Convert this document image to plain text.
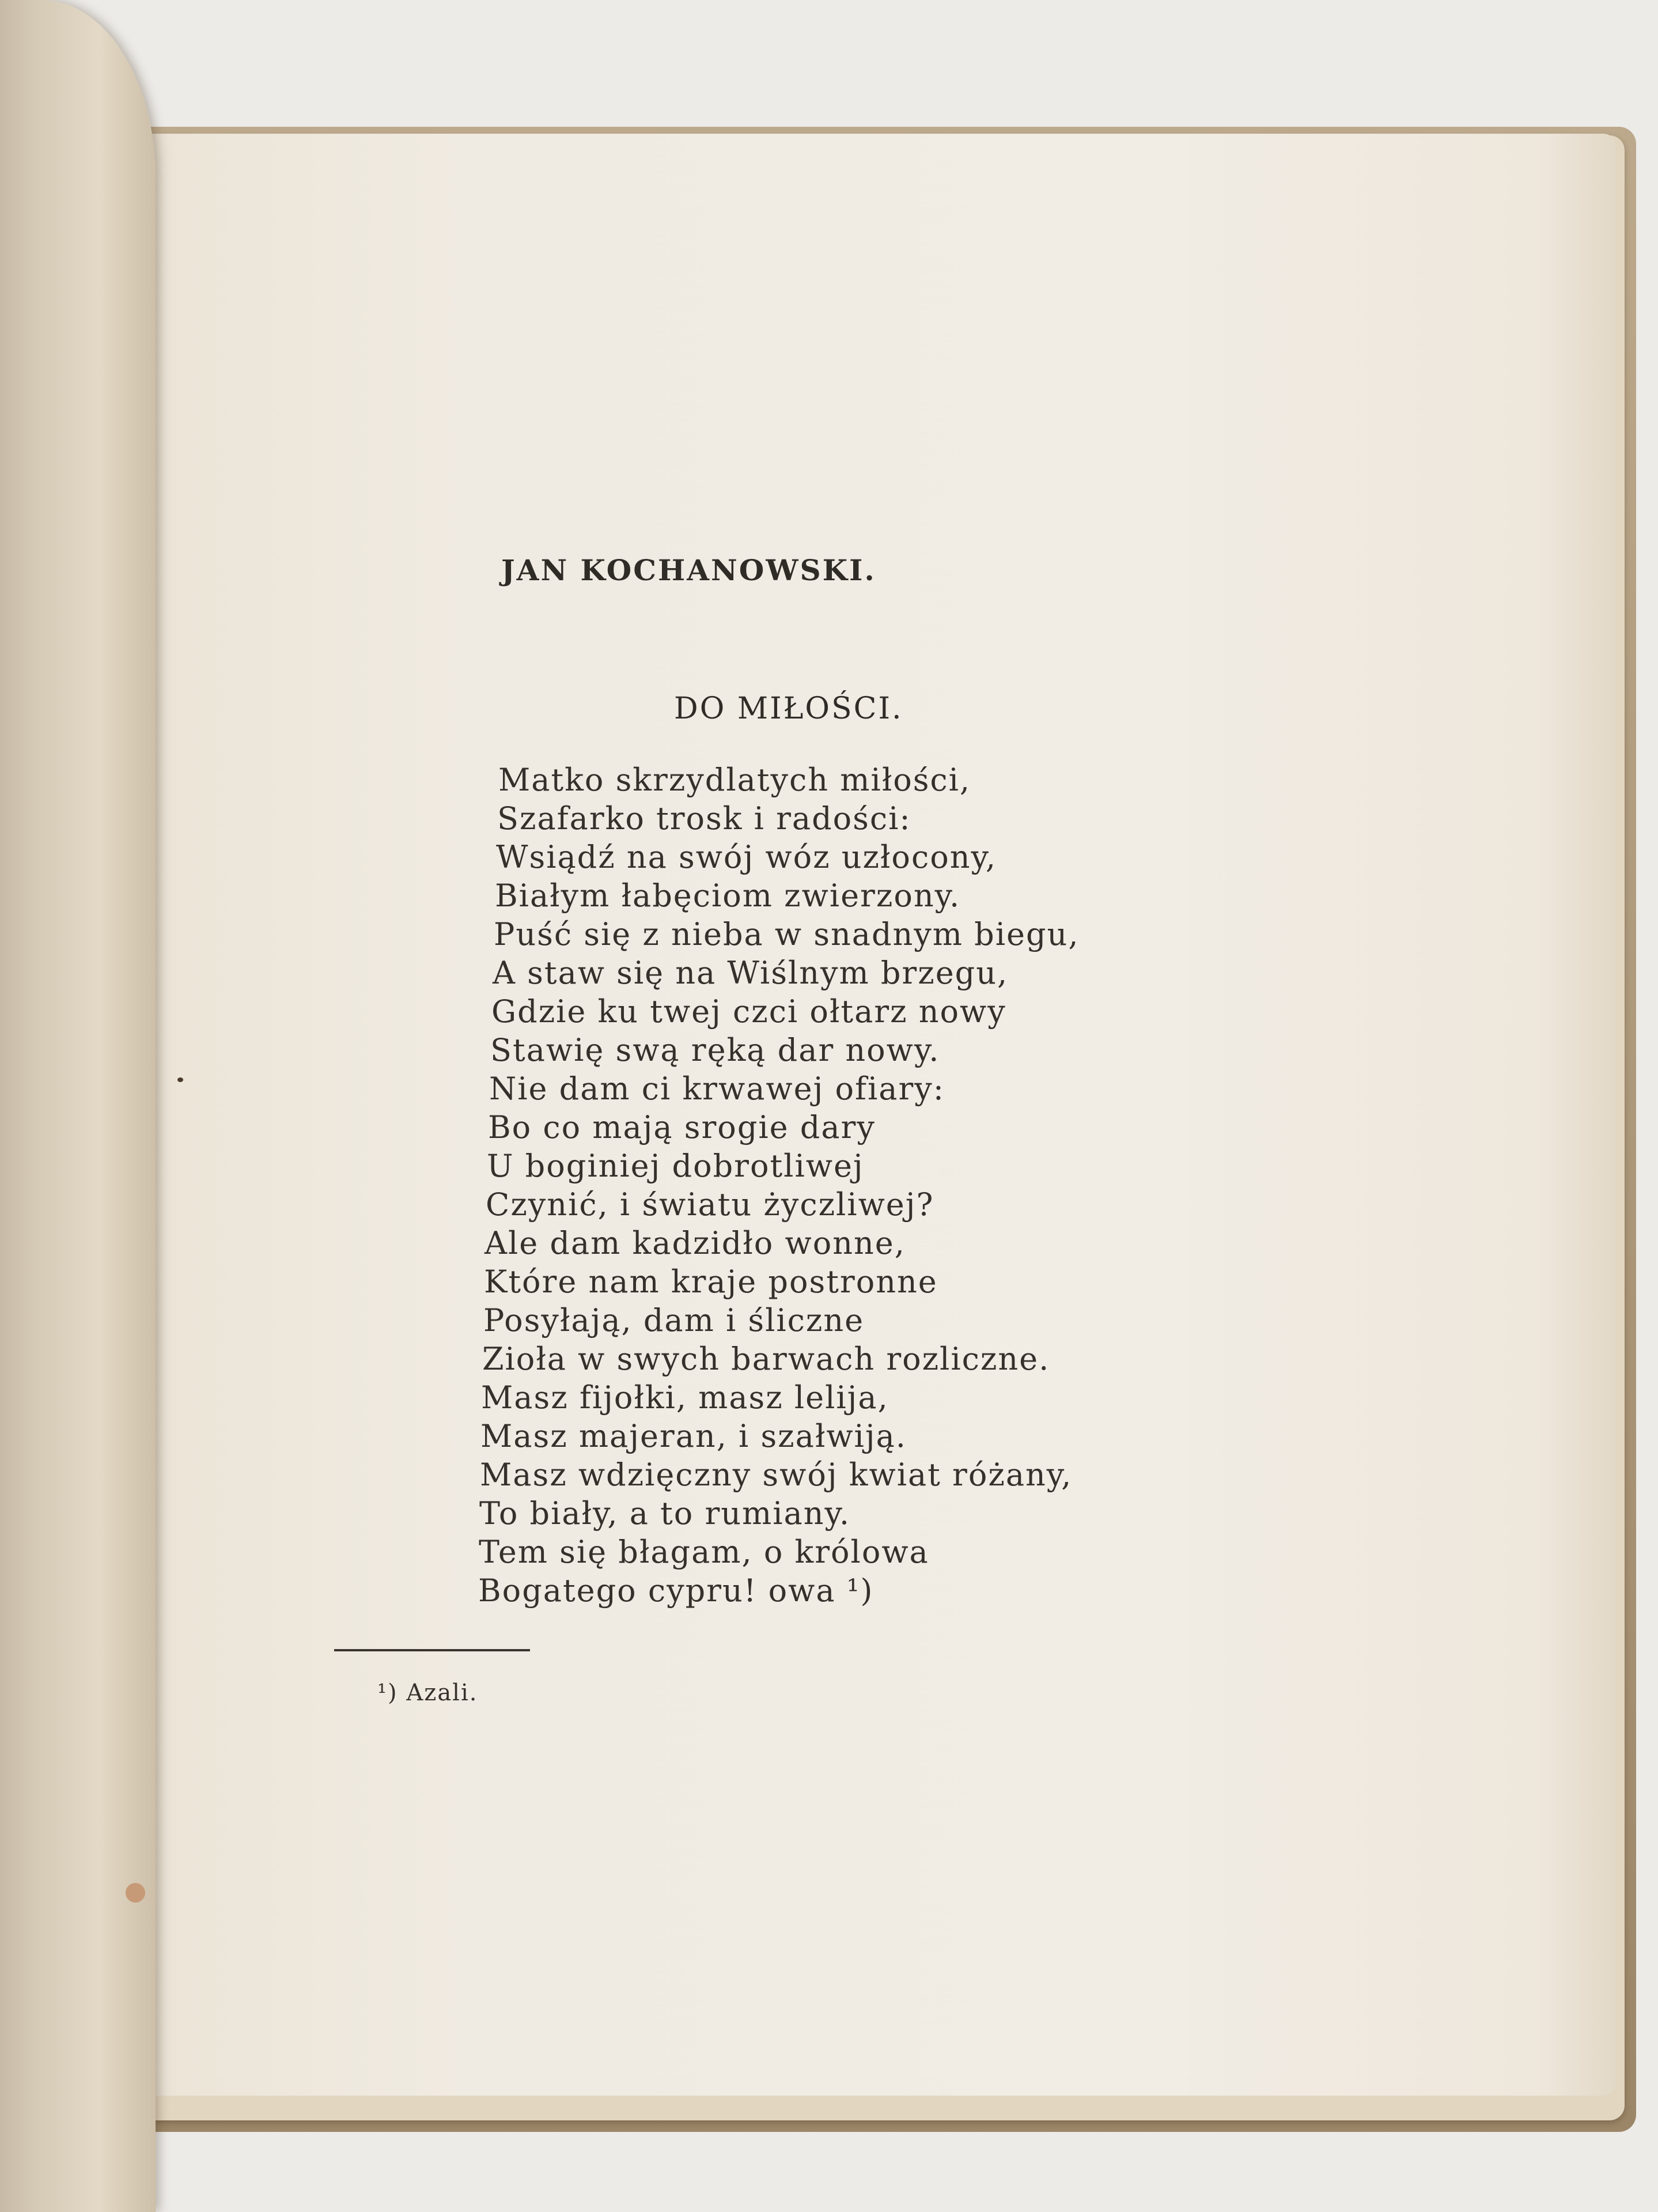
JAN KOCHANOWSKI.
DO MIŁOŚCI.
Matko skrzydlatych miłości,
Szafarko trosk i radości:
Wsiądź na swój wóz uzłocony,
Białym łabęciom zwierzony.
Puść się z nieba w snadnym biegu,
A staw się na Wiślnym brzegu,
Gdzie ku twej czci ołtarz nowy
Stawię swą ręką dar nowy.
Nie dam ci krwawej ofiary:
Bo co mają srogie dary
U boginiej dobrotliwej
Czynić, i światu życzliwej?
Ale dam kadzidło wonne,
Które nam kraje postronne
Posyłają, dam i śliczne
Zioła w swych barwach rozliczne.
Masz fijołki, masz lelija,
Masz majeran, i szałwiją.
Masz wdzięczny swój kwiat różany,
To biały, a to rumiany.
Tem się błagam, o królowa
Bogatego cypru! owa ¹)
¹) Azali.
